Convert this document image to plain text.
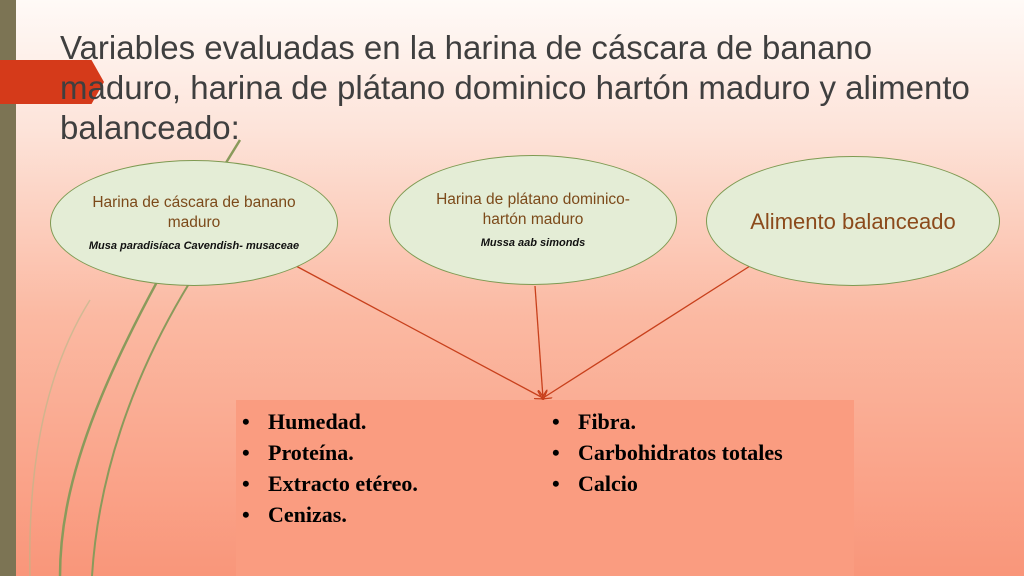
Variables evaluadas en la harina de cáscara de banano maduro, harina de plátano dominico hartón maduro y alimento balanceado:
Harina de cáscara de banano maduro
Musa paradisíaca Cavendish- musaceae
Harina de plátano dominico- hartón maduro
Mussa aab simonds
Alimento balanceado
• Humedad.
• Proteína.
• Extracto etéreo.
• Cenizas.
• Fibra.
• Carbohidratos totales
• Calcio
